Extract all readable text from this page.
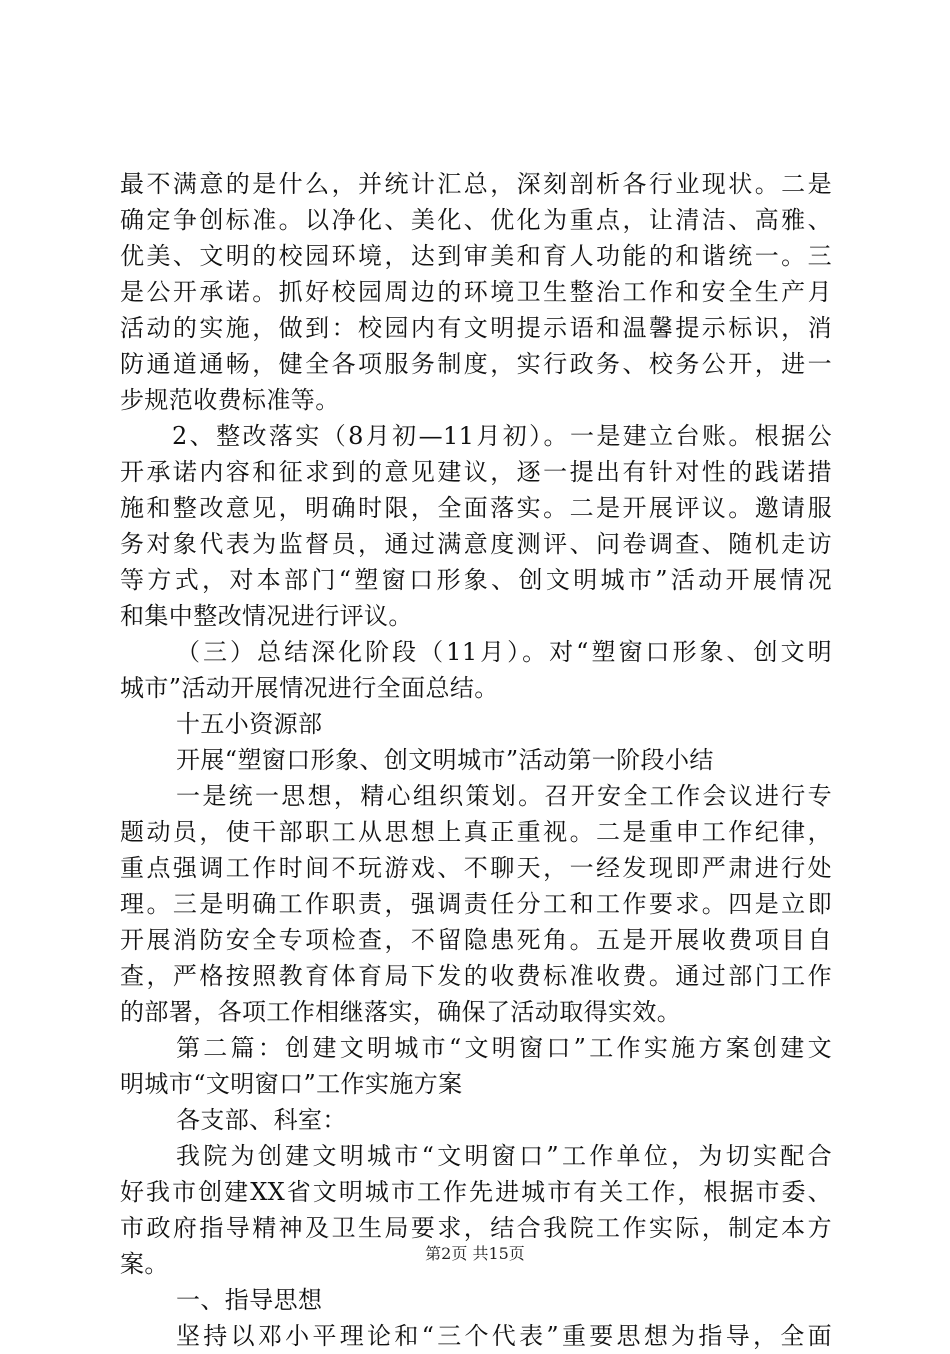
最不满意的是什么，并统计汇总，深刻剖析各行业现状。二是
确定争创标准。以净化、美化、优化为重点，让清洁、高雅、
优美、文明的校园环境，达到审美和育人功能的和谐统一。三
是公开承诺。抓好校园周边的环境卫生整治工作和安全生产月
活动的实施，做到：校园内有文明提示语和温馨提示标识，消
防通道通畅，健全各项服务制度，实行政务、校务公开，进一
步规范收费标准等。
2、整改落实（8月初—11月初）。一是建立台账。根据公
开承诺内容和征求到的意见建议，逐一提出有针对性的践诺措
施和整改意见，明确时限，全面落实。二是开展评议。邀请服
务对象代表为监督员，通过满意度测评、问卷调查、随机走访
等方式，对本部门“塑窗口形象、创文明城市”活动开展情况
和集中整改情况进行评议。
（三）总结深化阶段（11月）。对“塑窗口形象、创文明
城市”活动开展情况进行全面总结。
十五小资源部
开展“塑窗口形象、创文明城市”活动第一阶段小结
一是统一思想，精心组织策划。召开安全工作会议进行专
题动员，使干部职工从思想上真正重视。二是重申工作纪律，
重点强调工作时间不玩游戏、不聊天，一经发现即严肃进行处
理。三是明确工作职责，强调责任分工和工作要求。四是立即
开展消防安全专项检查，不留隐患死角。五是开展收费项目自
查，严格按照教育体育局下发的收费标准收费。通过部门工作
的部署，各项工作相继落实，确保了活动取得实效。
第二篇：创建文明城市“文明窗口”工作实施方案创建文
明城市“文明窗口”工作实施方案
各支部、科室：
我院为创建文明城市“文明窗口”工作单位，为切实配合
好我市创建XX省文明城市工作先进城市有关工作，根据市委、
市政府指导精神及卫生局要求，结合我院工作实际，制定本方
案。
一、指导思想
坚持以邓小平理论和“三个代表”重要思想为指导，全面
第2页 共15页
